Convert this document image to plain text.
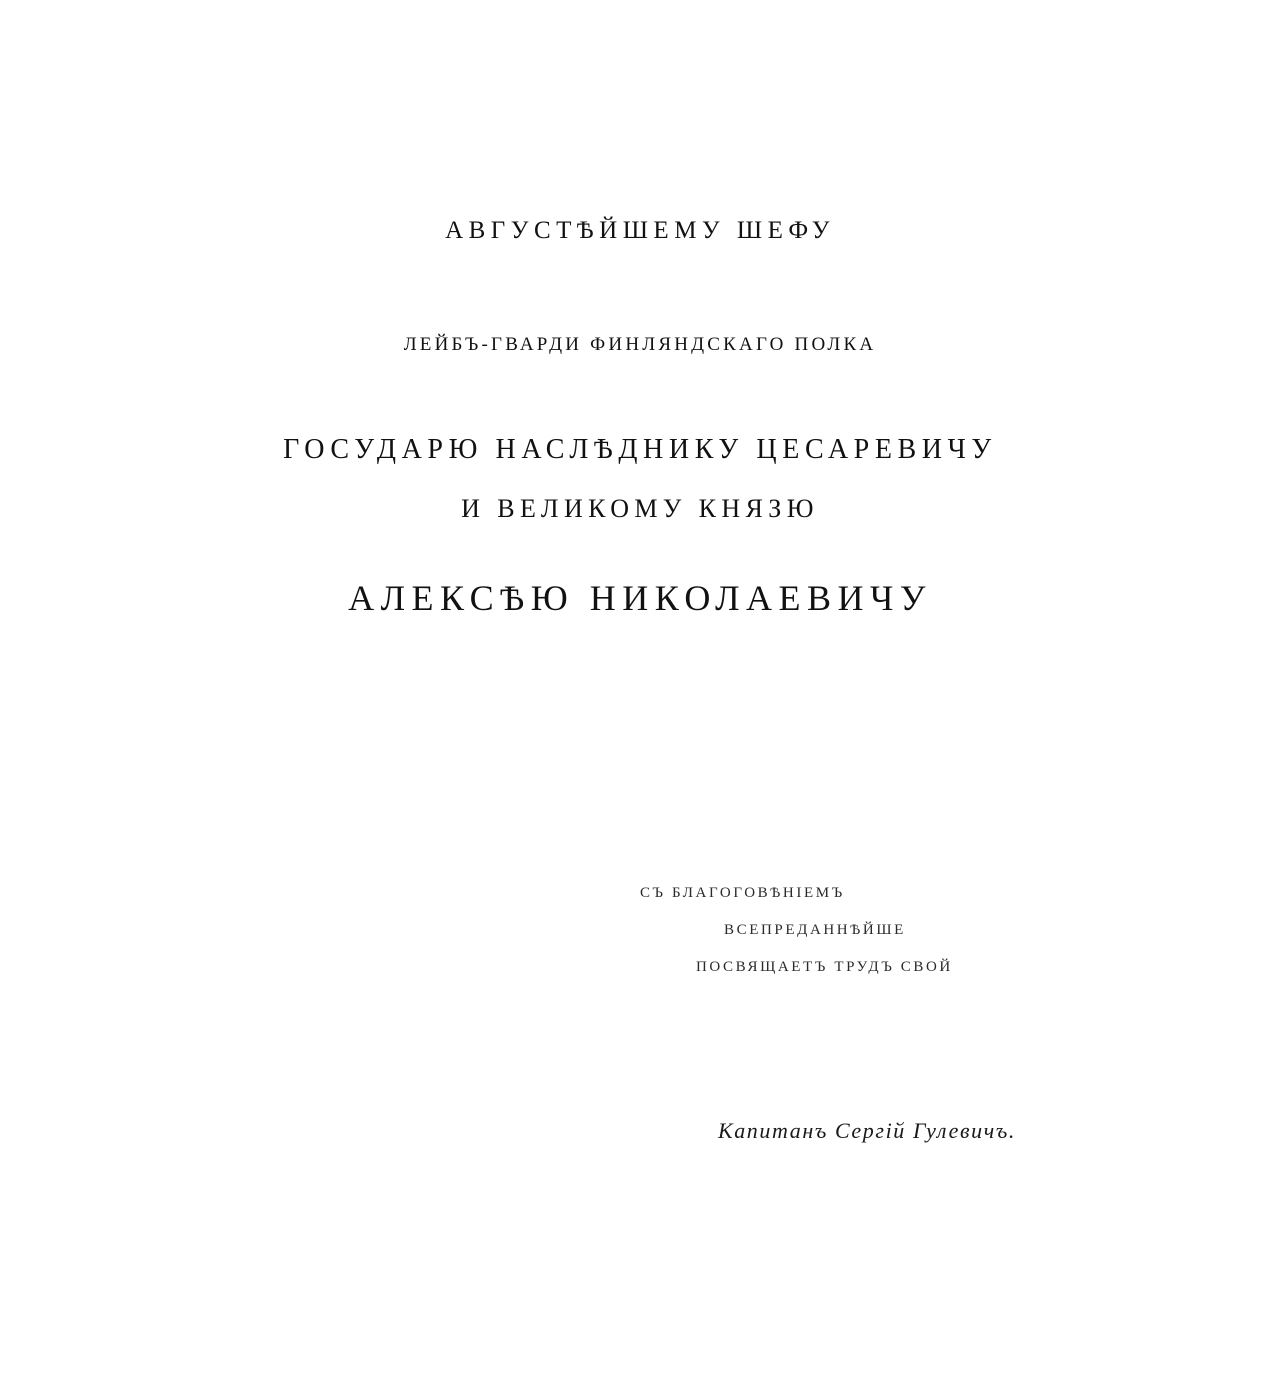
АВГУСТѢЙШЕМУ ШЕФУ
ЛЕЙБЪ-ГВАРДИ ФИНЛЯНДСКАГО ПОЛКА
ГОСУДАРЮ НАСЛѢДНИКУ ЦЕСАРЕВИЧУ
И ВЕЛИКОМУ КНЯЗЮ
АЛЕКСѢЮ НИКОЛАЕВИЧУ
СЪ БЛАГОГОВѢНІЕМЪ
ВСЕПРЕДАННѢЙШЕ
ПОСВЯЩАЕТЪ ТРУДЪ СВОЙ
Капитанъ Сергій Гулевичъ.
